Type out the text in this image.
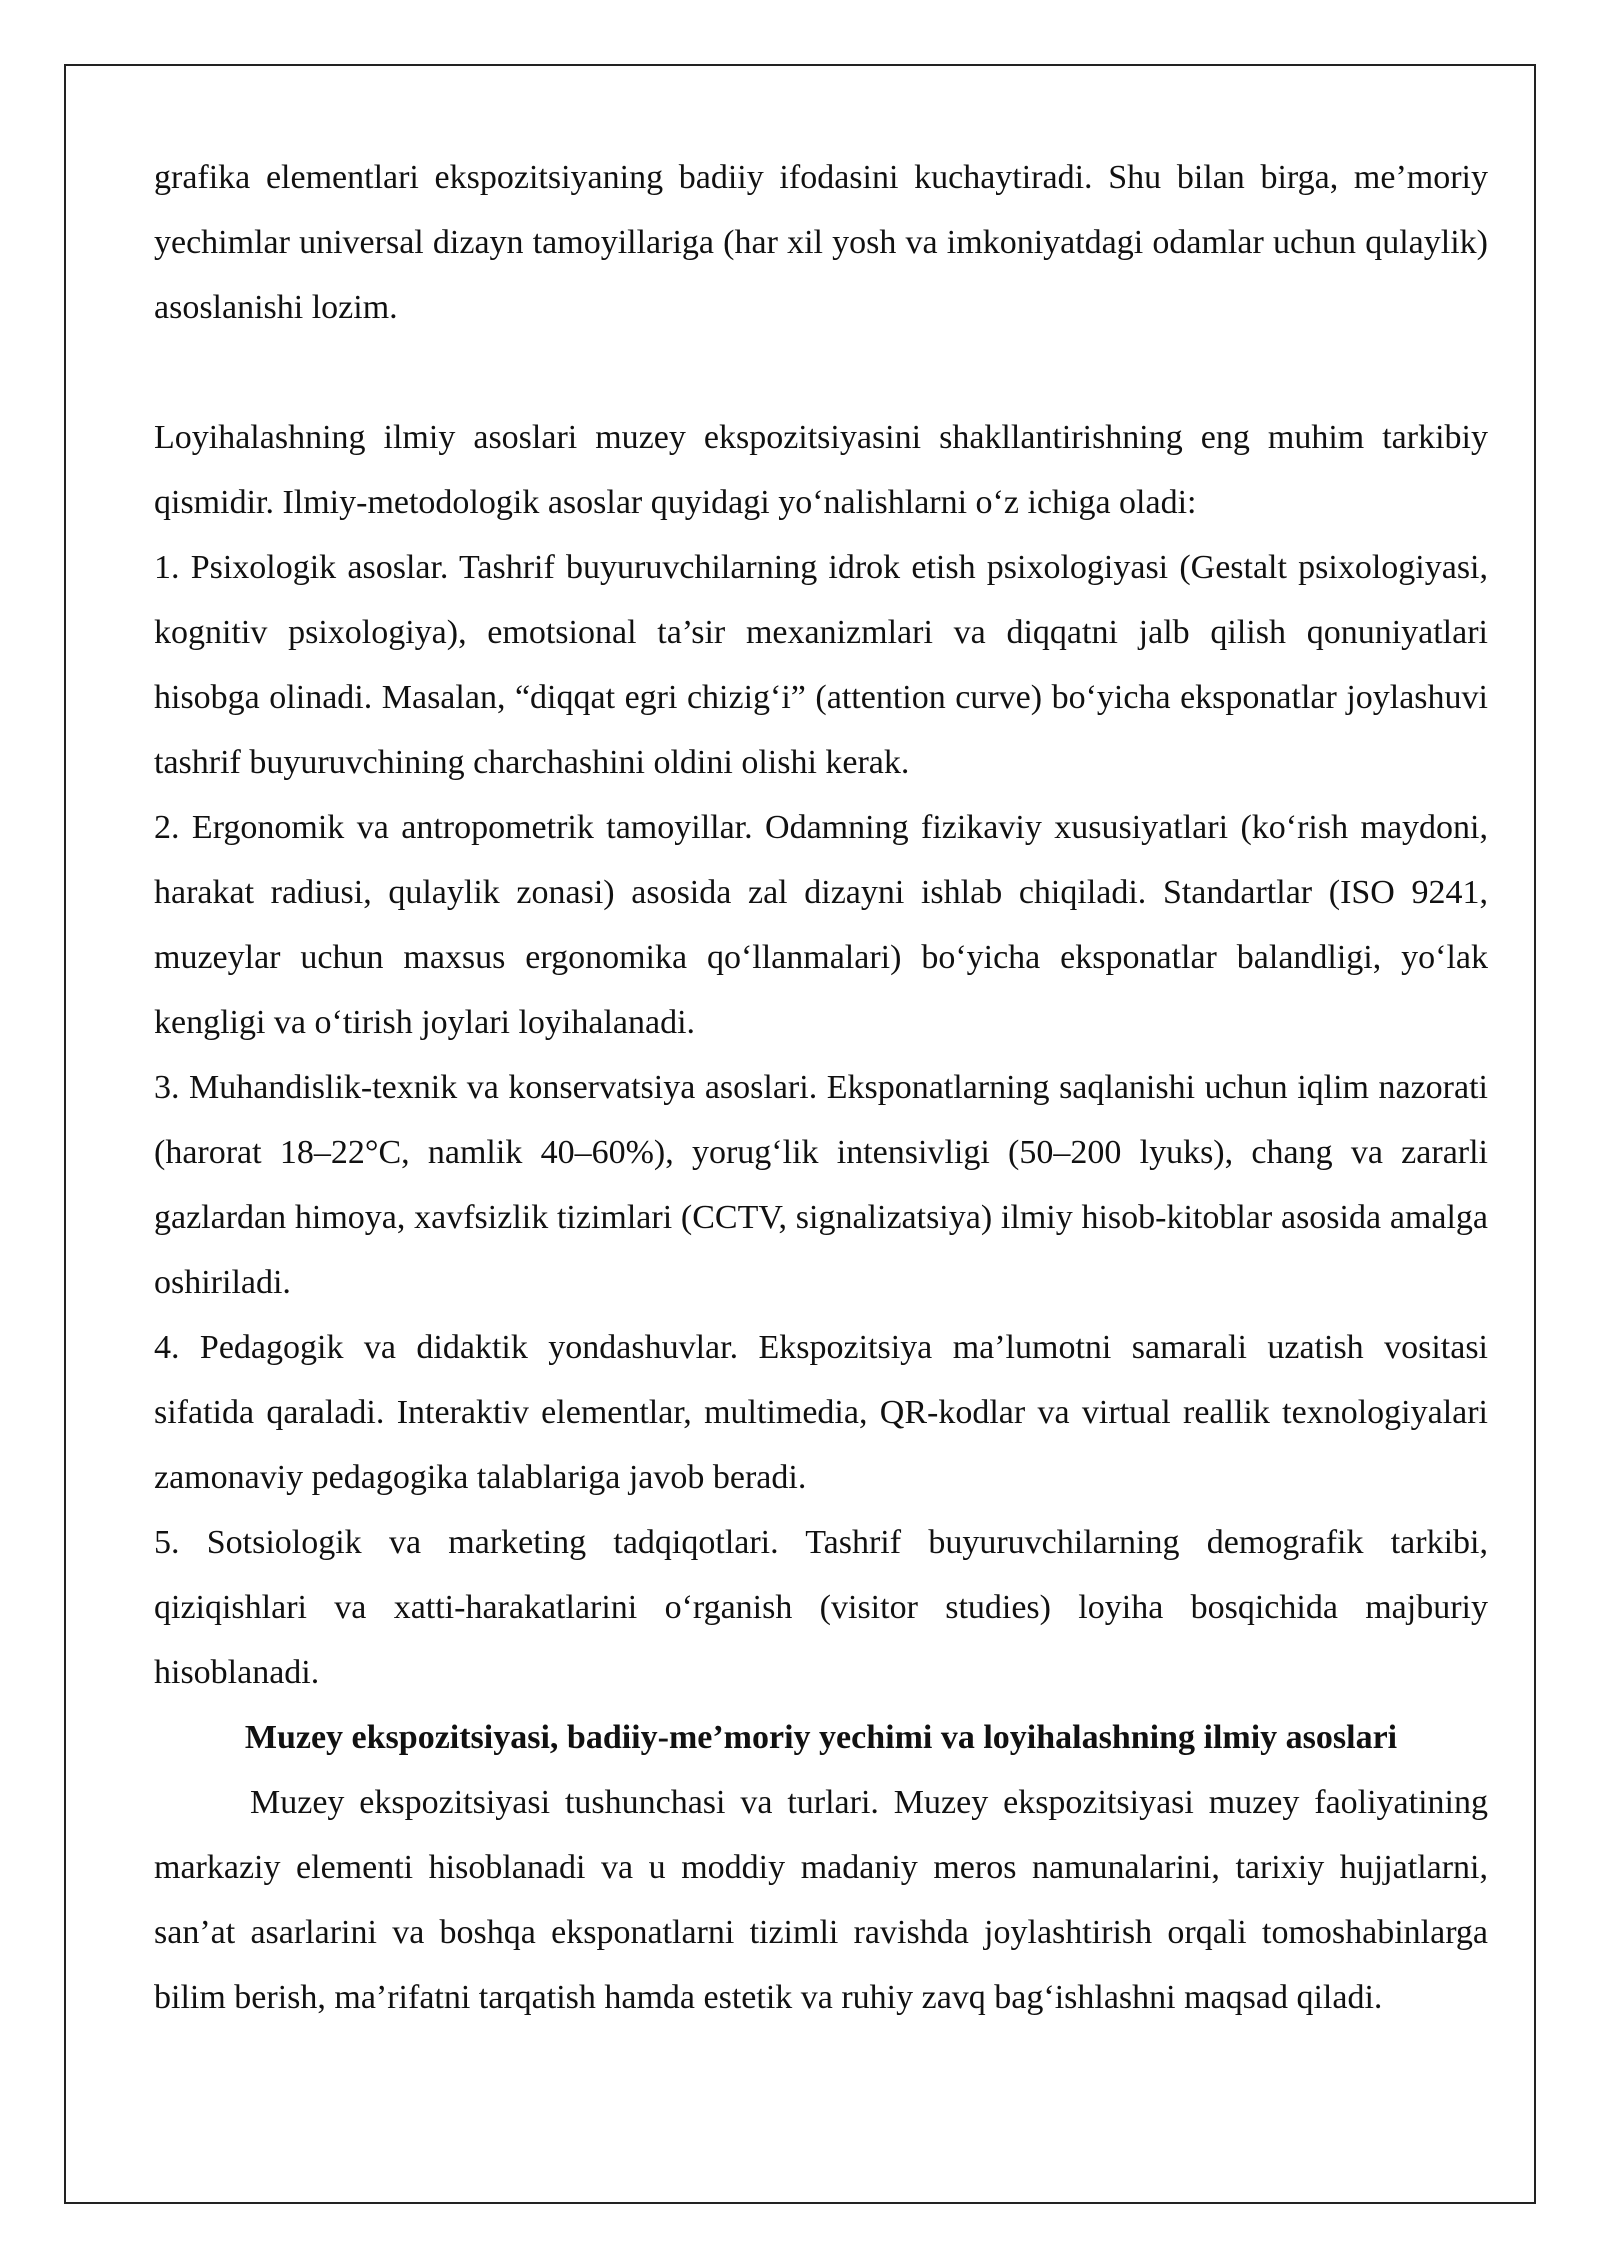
grafika elementlari ekspozitsiyaning badiiy ifodasini kuchaytiradi. Shu bilan birga, me’moriy yechimlar universal dizayn tamoyillariga (har xil yosh va imkoniyatdagi odamlar uchun qulaylik) asoslanishi lozim.

Loyihalashning ilmiy asoslari muzey ekspozitsiyasini shakllantirishning eng muhim tarkibiy qismidir. Ilmiy-metodologik asoslar quyidagi yo‘nalishlarni o‘z ichiga oladi:

1. Psixologik asoslar. Tashrif buyuruvchilarning idrok etish psixologiyasi (Gestalt psixologiyasi, kognitiv psixologiya), emotsional ta’sir mexanizmlari va diqqatni jalb qilish qonuniyatlari hisobga olinadi. Masalan, “diqqat egri chizig‘i” (attention curve) bo‘yicha eksponatlar joylashuvi tashrif buyuruvchining charchashini oldini olishi kerak.

2. Ergonomik va antropometrik tamoyillar. Odamning fizikaviy xususiyatlari (ko‘rish maydoni, harakat radiusi, qulaylik zonasi) asosida zal dizayni ishlab chiqiladi. Standartlar (ISO 9241, muzeylar uchun maxsus ergonomika qo‘llanmalari) bo‘yicha eksponatlar balandligi, yo‘lak kengligi va o‘tirish joylari loyihalanadi.

3. Muhandislik-texnik va konservatsiya asoslari. Eksponatlarning saqlanishi uchun iqlim nazorati (harorat 18–22°C, namlik 40–60%), yorug‘lik intensivligi (50–200 lyuks), chang va zararli gazlardan himoya, xavfsizlik tizimlari (CCTV, signalizatsiya) ilmiy hisob-kitoblar asosida amalga oshiriladi.

4. Pedagogik va didaktik yondashuvlar. Ekspozitsiya ma’lumotni samarali uzatish vositasi sifatida qaraladi. Interaktiv elementlar, multimedia, QR-kodlar va virtual reallik texnologiyalari zamonaviy pedagogika talablariga javob beradi.

5. Sotsiologik va marketing tadqiqotlari. Tashrif buyuruvchilarning demografik tarkibi, qiziqishlari va xatti-harakatlarini o‘rganish (visitor studies) loyiha bosqichida majburiy hisoblanadi.

Muzey ekspozitsiyasi, badiiy-me’moriy yechimi va loyihalashning ilmiy asoslari

Muzey ekspozitsiyasi tushunchasi va turlari. Muzey ekspozitsiyasi muzey faoliyatining markaziy elementi hisoblanadi va u moddiy madaniy meros namunalarini, tarixiy hujjatlarni, san’at asarlarini va boshqa eksponatlarni tizimli ravishda joylashtirish orqali tomoshabinlarga bilim berish, ma’rifatni tarqatish hamda estetik va ruhiy zavq bag‘ishlashni maqsad qiladi.
